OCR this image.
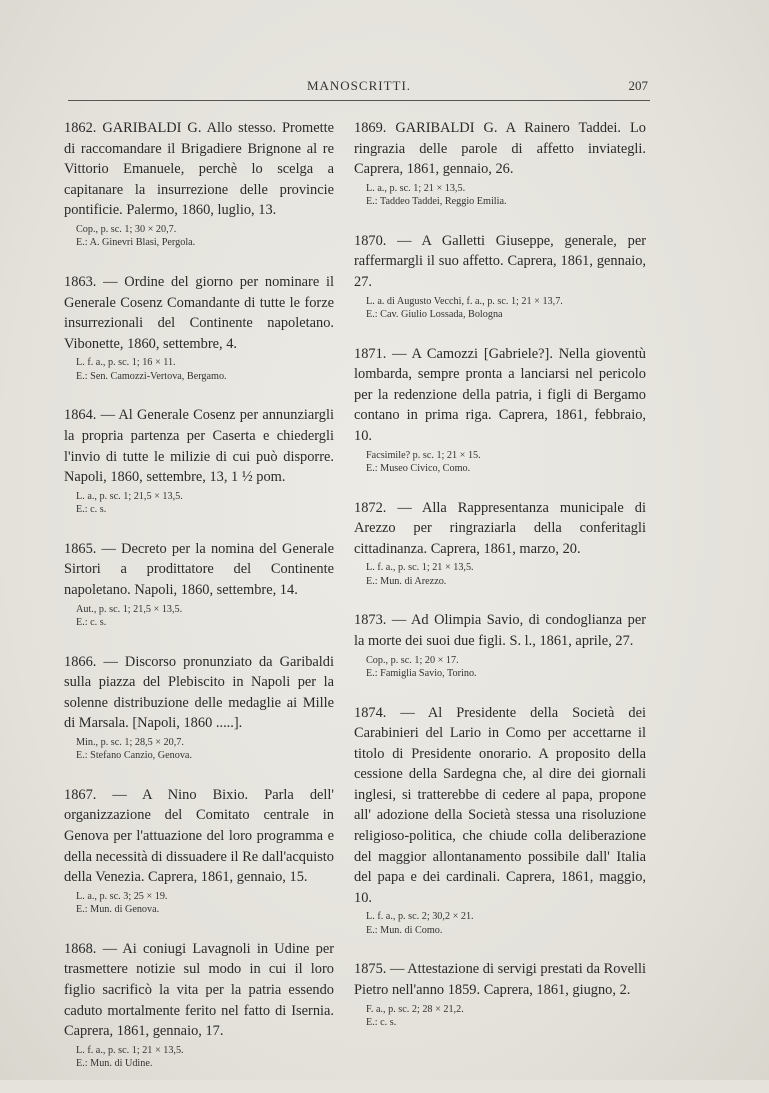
MANOSCRITTI.	207
1862. GARIBALDI G. Allo stesso. Promette di raccomandare il Brigadiere Brignone al re Vittorio Emanuele, perchè lo scelga a capitanare la insurrezione delle provincie pontificie. Palermo, 1860, luglio, 13.
Cop., p. sc. 1; 30 × 20,7.
E.: A. Ginevri Blasi, Pergola.
1863. — Ordine del giorno per nominare il Generale Cosenz Comandante di tutte le forze insurrezionali del Continente napoletano. Vibonette, 1860, settembre, 4.
L. f. a., p. sc. 1; 16 × 11.
E.: Sen. Camozzi-Vertova, Bergamo.
1864. — Al Generale Cosenz per annunziargli la propria partenza per Caserta e chiedergli l'invio di tutte le milizie di cui può disporre. Napoli, 1860, settembre, 13, 1 ½ pom.
L. a., p. sc. 1; 21,5 × 13,5.
E.: c. s.
1865. — Decreto per la nomina del Generale Sirtori a prodittatore del Continente napoletano. Napoli, 1860, settembre, 14.
Aut., p. sc. 1; 21,5 × 13,5.
E.: c. s.
1866. — Discorso pronunziato da Garibaldi sulla piazza del Plebiscito in Napoli per la solenne distribuzione delle medaglie ai Mille di Marsala. [Napoli, 1860 .....].
Min., p. sc. 1; 28,5 × 20,7.
E.: Stefano Canzio, Genova.
1867. — A Nino Bixio. Parla dell' organizzazione del Comitato centrale in Genova per l'attuazione del loro programma e della necessità di dissuadere il Re dall'acquisto della Venezia. Caprera, 1861, gennaio, 15.
L. a., p. sc. 3; 25 × 19.
E.: Mun. di Genova.
1868. — Ai coniugi Lavagnoli in Udine per trasmettere notizie sul modo in cui il loro figlio sacrificò la vita per la patria essendo caduto mortalmente ferito nel fatto di Isernia. Caprera, 1861, gennaio, 17.
L. f. a., p. sc. 1; 21 × 13,5.
E.: Mun. di Udine.
1869. GARIBALDI G. A Rainero Taddei. Lo ringrazia delle parole di affetto inviategli. Caprera, 1861, gennaio, 26.
L. a., p. sc. 1; 21 × 13,5.
E.: Taddeo Taddei, Reggio Emilia.
1870. — A Galletti Giuseppe, generale, per raffermargli il suo affetto. Caprera, 1861, gennaio, 27.
L. a. di Augusto Vecchi, f. a., p. sc. 1; 21 × 13,7.
E.: Cav. Giulio Lossada, Bologna
1871. — A Camozzi [Gabriele?]. Nella gioventù lombarda, sempre pronta a lanciarsi nel pericolo per la redenzione della patria, i figli di Bergamo contano in prima riga. Caprera, 1861, febbraio, 10.
Facsimile? p. sc. 1; 21 × 15.
E.: Museo Civico, Como.
1872. — Alla Rappresentanza municipale di Arezzo per ringraziarla della conferitagli cittadinanza. Caprera, 1861, marzo, 20.
L. f. a., p. sc. 1; 21 × 13,5.
E.: Mun. di Arezzo.
1873. — Ad Olimpia Savio, di condoglianza per la morte dei suoi due figli. S. l., 1861, aprile, 27.
Cop., p. sc. 1; 20 × 17.
E.: Famiglia Savio, Torino.
1874. — Al Presidente della Società dei Carabinieri del Lario in Como per accettarne il titolo di Presidente onorario. A proposito della cessione della Sardegna che, al dire dei giornali inglesi, si tratterebbe di cedere al papa, propone all' adozione della Società stessa una risoluzione religioso-politica, che chiude colla deliberazione del maggior allontanamento possibile dall' Italia del papa e dei cardinali. Caprera, 1861, maggio, 10.
L. f. a., p. sc. 2; 30,2 × 21.
E.: Mun. di Como.
1875. — Attestazione di servigi prestati da Rovelli Pietro nell'anno 1859. Caprera, 1861, giugno, 2.
F. a., p. sc. 2; 28 × 21,2.
E.: c. s.
